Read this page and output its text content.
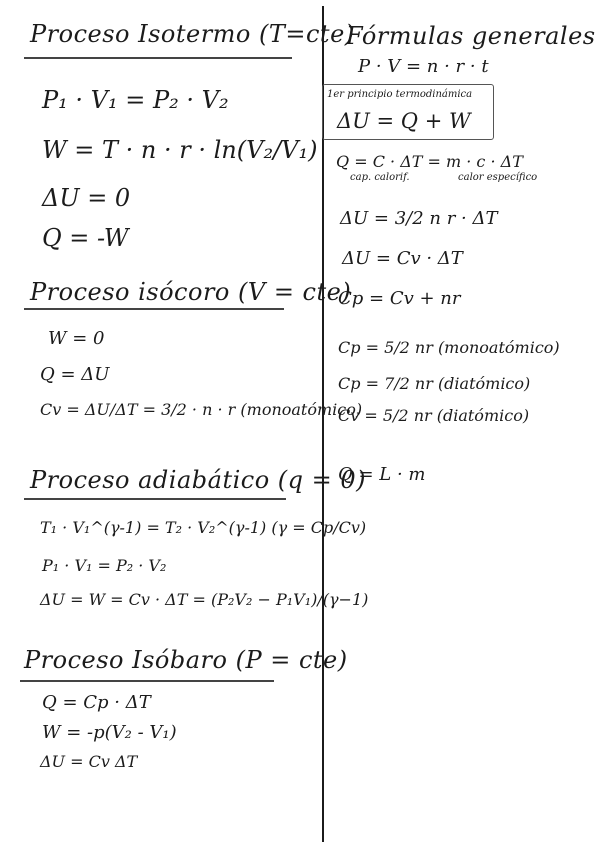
Proceso Isotermo (T=cte)
P₁ · V₁ = P₂ · V₂
W = T · n · r · ln(V₂/V₁)
ΔU = 0
Q = -W
Proceso isócoro (V = cte)
W = 0
Q = ΔU
Cv = ΔU/ΔT = 3/2 · n · r (monoatómico)
Proceso adiabático (q = 0)
T₁ · V₁^(γ-1) = T₂ · V₂^(γ-1) (γ = Cp/Cv)
P₁ · V₁ = P₂ · V₂
ΔU = W = Cv · ΔT = (P₂V₂ − P₁V₁)/(γ−1)
Proceso Isóbaro (P = cte)
Q = Cp · ΔT
W = -p(V₂ - V₁)
ΔU = Cv ΔT
Fórmulas generales
P · V = n · r · t
1er principio termodinámica
ΔU = Q + W
Q = C · ΔT = m · c · ΔT
cap. calorif.	calor específico
ΔU = 3/2 n r · ΔT
ΔU = Cv · ΔT
Cp = Cv + nr
Cp = 5/2 nr (monoatómico)
Cp = 7/2 nr (diatómico)
Cv = 5/2 nr (diatómico)
Q = L · m
